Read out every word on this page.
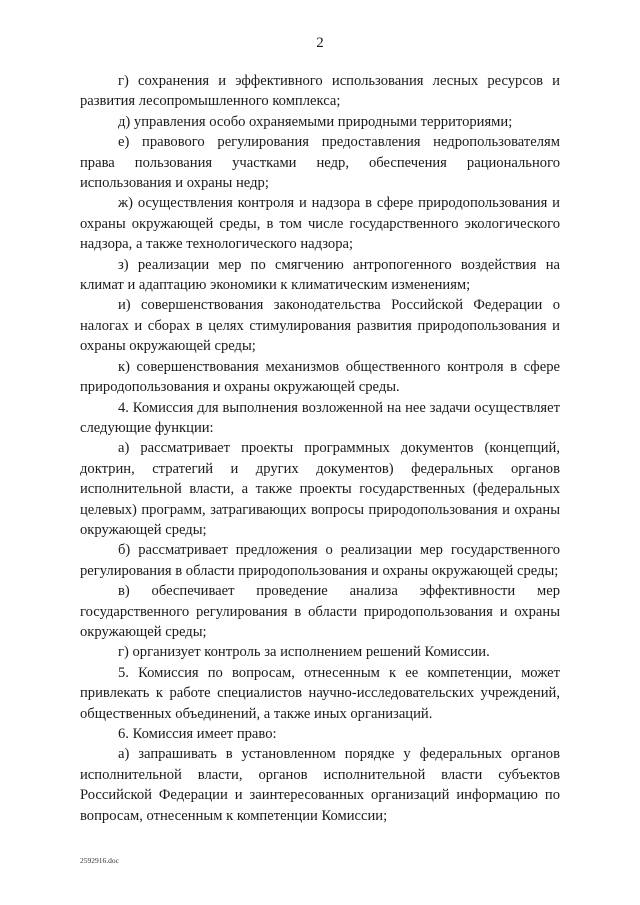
2

г) сохранения и эффективного использования лесных ресурсов и развития лесопромышленного комплекса;

д) управления особо охраняемыми природными территориями;

е) правового регулирования предоставления недропользователям права пользования участками недр, обеспечения рационального использования и охраны недр;

ж) осуществления контроля и надзора в сфере природопользования и охраны окружающей среды, в том числе государственного экологического надзора, а также технологического надзора;

з) реализации мер по смягчению антропогенного воздействия на климат и адаптацию экономики к климатическим изменениям;

и) совершенствования законодательства Российской Федерации о налогах и сборах в целях стимулирования развития природопользования и охраны окружающей среды;

к) совершенствования механизмов общественного контроля в сфере природопользования и охраны окружающей среды.

4. Комиссия для выполнения возложенной на нее задачи осуществляет следующие функции:

а) рассматривает проекты программных документов (концепций, доктрин, стратегий и других документов) федеральных органов исполнительной власти, а также проекты государственных (федеральных целевых) программ, затрагивающих вопросы природопользования и охраны окружающей среды;

б) рассматривает предложения о реализации мер государственного регулирования в области природопользования и охраны окружающей среды;

в) обеспечивает проведение анализа эффективности мер государственного регулирования в области природопользования и охраны окружающей среды;

г) организует контроль за исполнением решений Комиссии.

5. Комиссия по вопросам, отнесенным к ее компетенции, может привлекать к работе специалистов научно-исследовательских учреждений, общественных объединений, а также иных организаций.

6. Комиссия имеет право:

а) запрашивать в установленном порядке у федеральных органов исполнительной власти, органов исполнительной власти субъектов Российской Федерации и заинтересованных организаций информацию по вопросам, отнесенным к компетенции Комиссии;

2592916.doc
